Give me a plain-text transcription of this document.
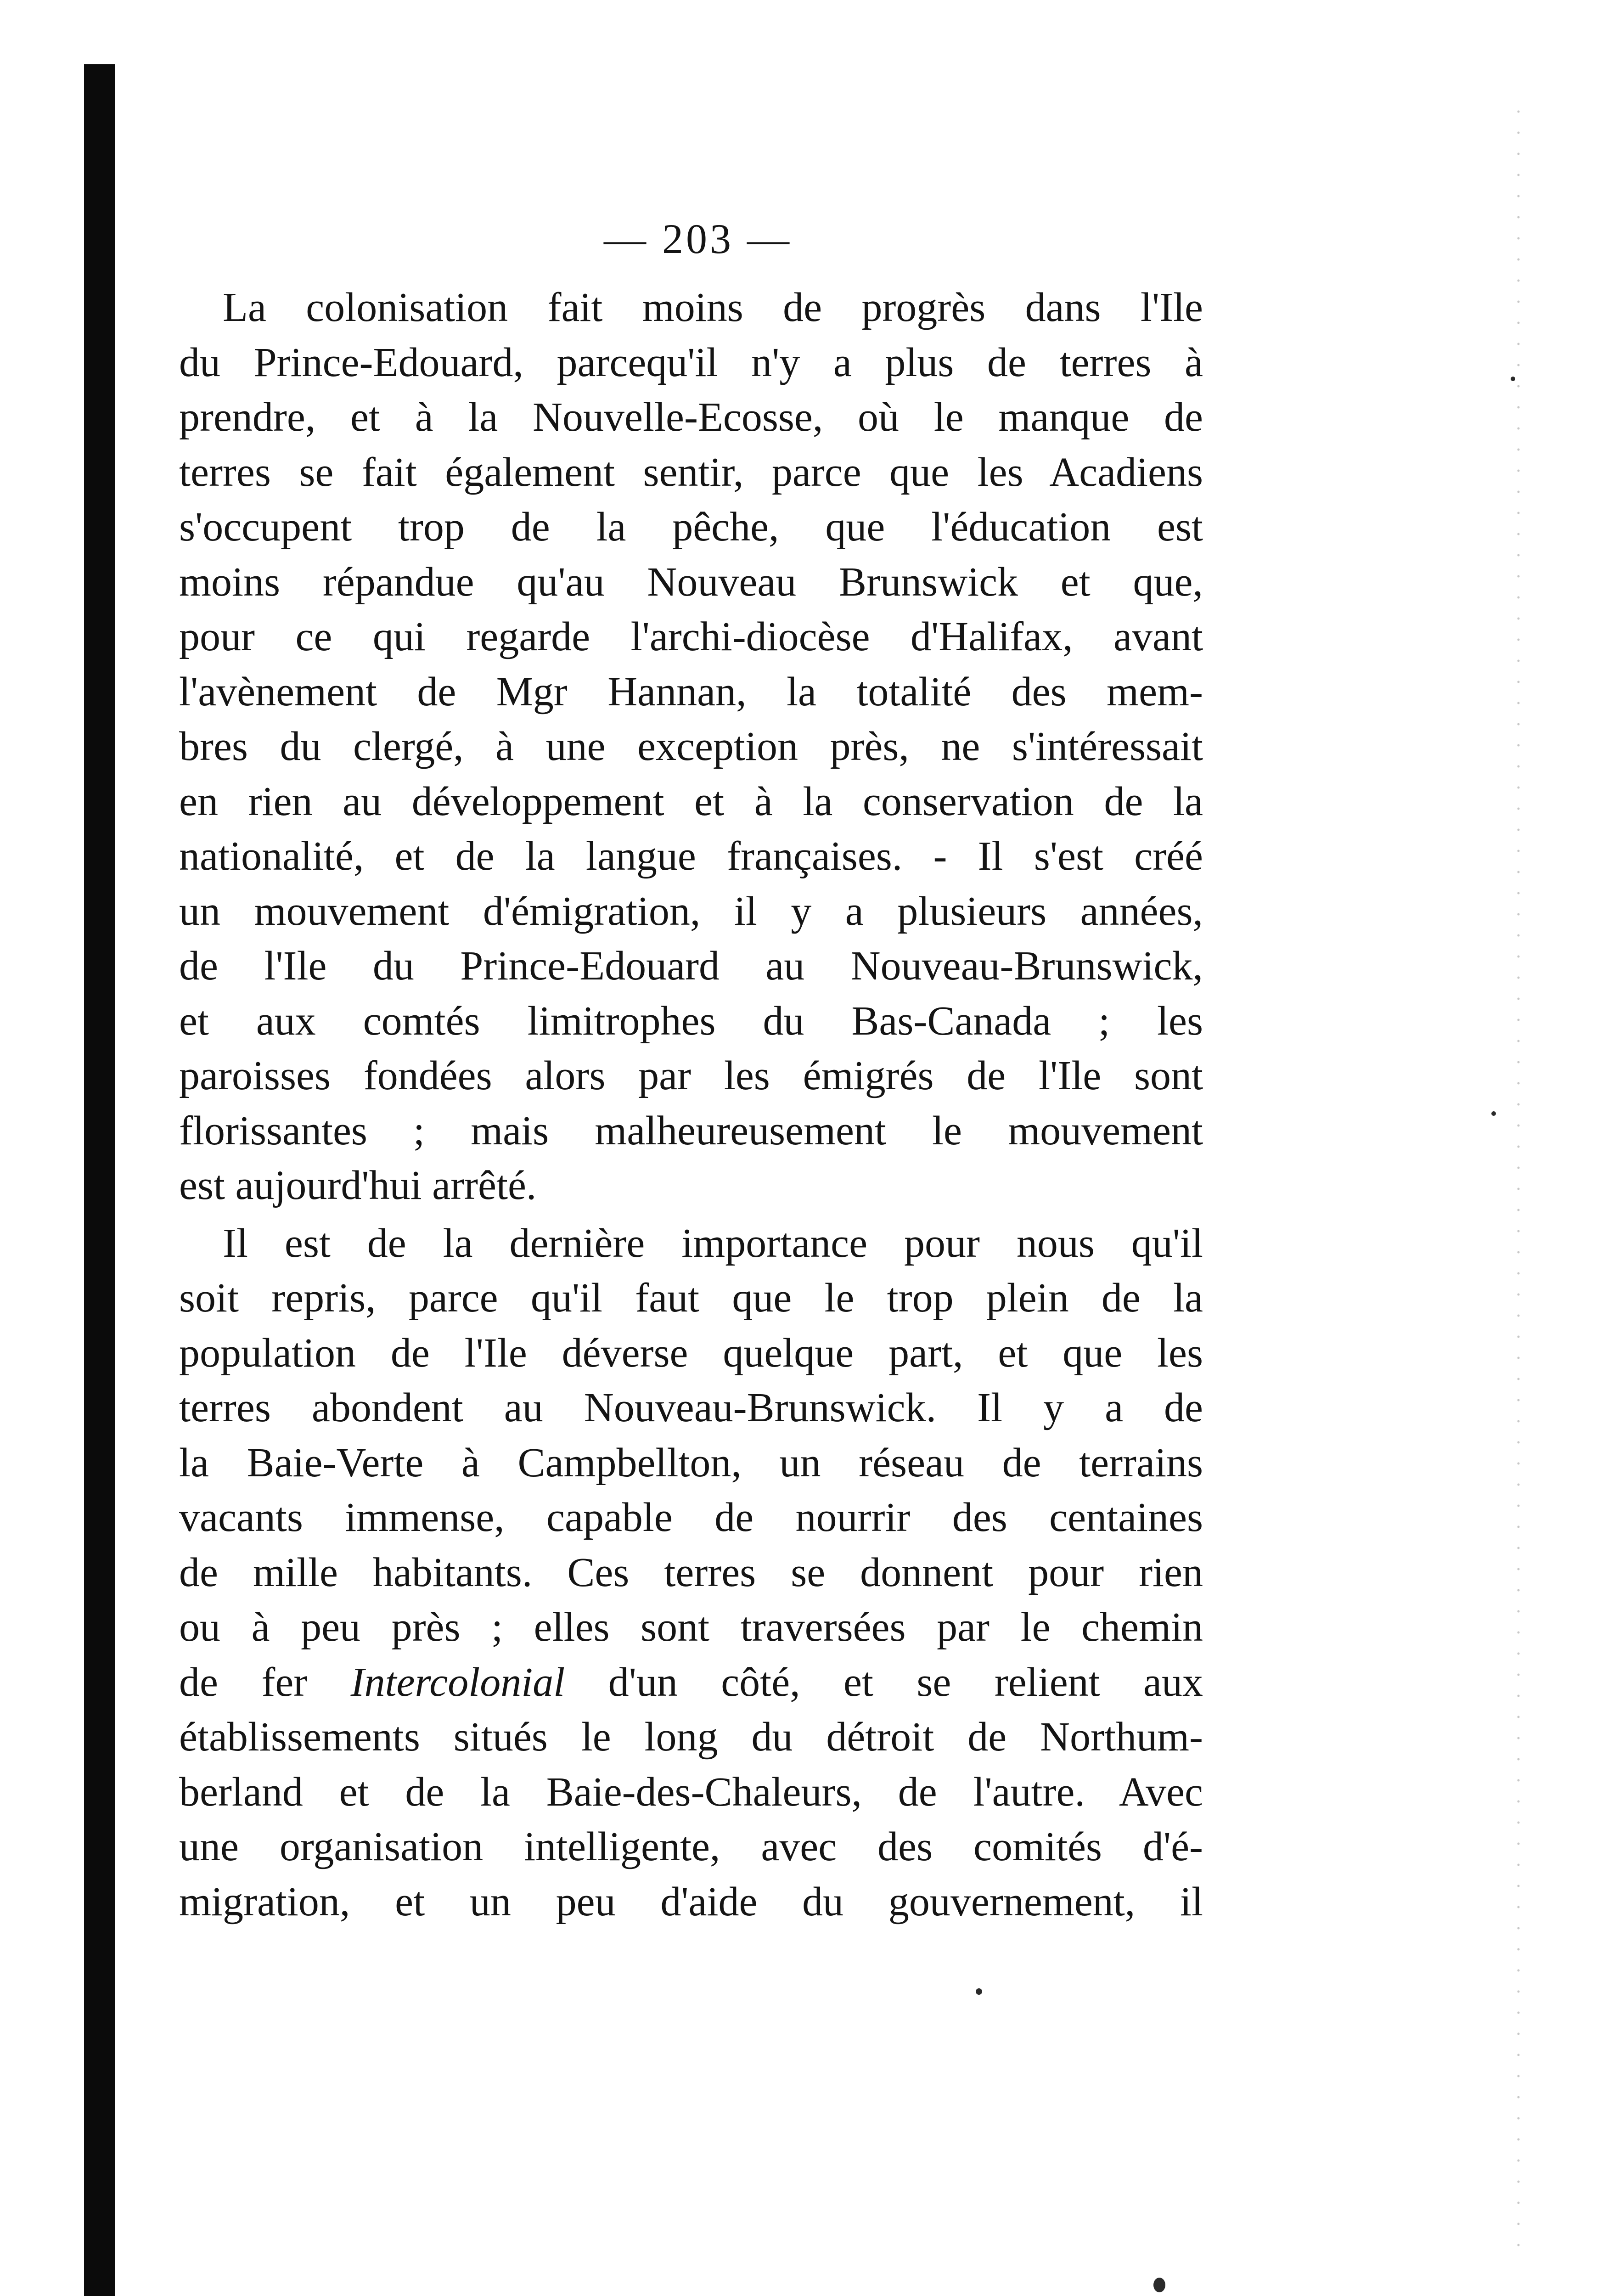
— 203 —
La colonisation fait moins de progrès dans l'Ile
du Prince-Edouard, parcequ'il n'y a plus de terres à
prendre, et à la Nouvelle-Ecosse, où le manque de
terres se fait également sentir, parce que les Acadiens
s'occupent trop de la pêche, que l'éducation est
moins répandue qu'au Nouveau Brunswick et que,
pour ce qui regarde l'archi-diocèse d'Halifax, avant
l'avènement de Mgr Hannan, la totalité des mem-
bres du clergé, à une exception près, ne s'intéressait
en rien au développement et à la conservation de la
nationalité, et de la langue françaises. - Il s'est créé
un mouvement d'émigration, il y a plusieurs années,
de l'Ile du Prince-Edouard au Nouveau-Brunswick,
et aux comtés limitrophes du Bas-Canada ; les
paroisses fondées alors par les émigrés de l'Ile sont
florissantes ; mais malheureusement le mouvement
est aujourd'hui arrêté.
Il est de la dernière importance pour nous qu'il
soit repris, parce qu'il faut que le trop plein de la
population de l'Ile déverse quelque part, et que les
terres abondent au Nouveau-Brunswick. Il y a de
la Baie-Verte à Campbellton, un réseau de terrains
vacants immense, capable de nourrir des centaines
de mille habitants. Ces terres se donnent pour rien
ou à peu près ; elles sont traversées par le chemin
de fer Intercolonial d'un côté, et se relient aux
établissements situés le long du détroit de Northum-
berland et de la Baie-des-Chaleurs, de l'autre. Avec
une organisation intelligente, avec des comités d'é-
migration, et un peu d'aide du gouvernement, il
